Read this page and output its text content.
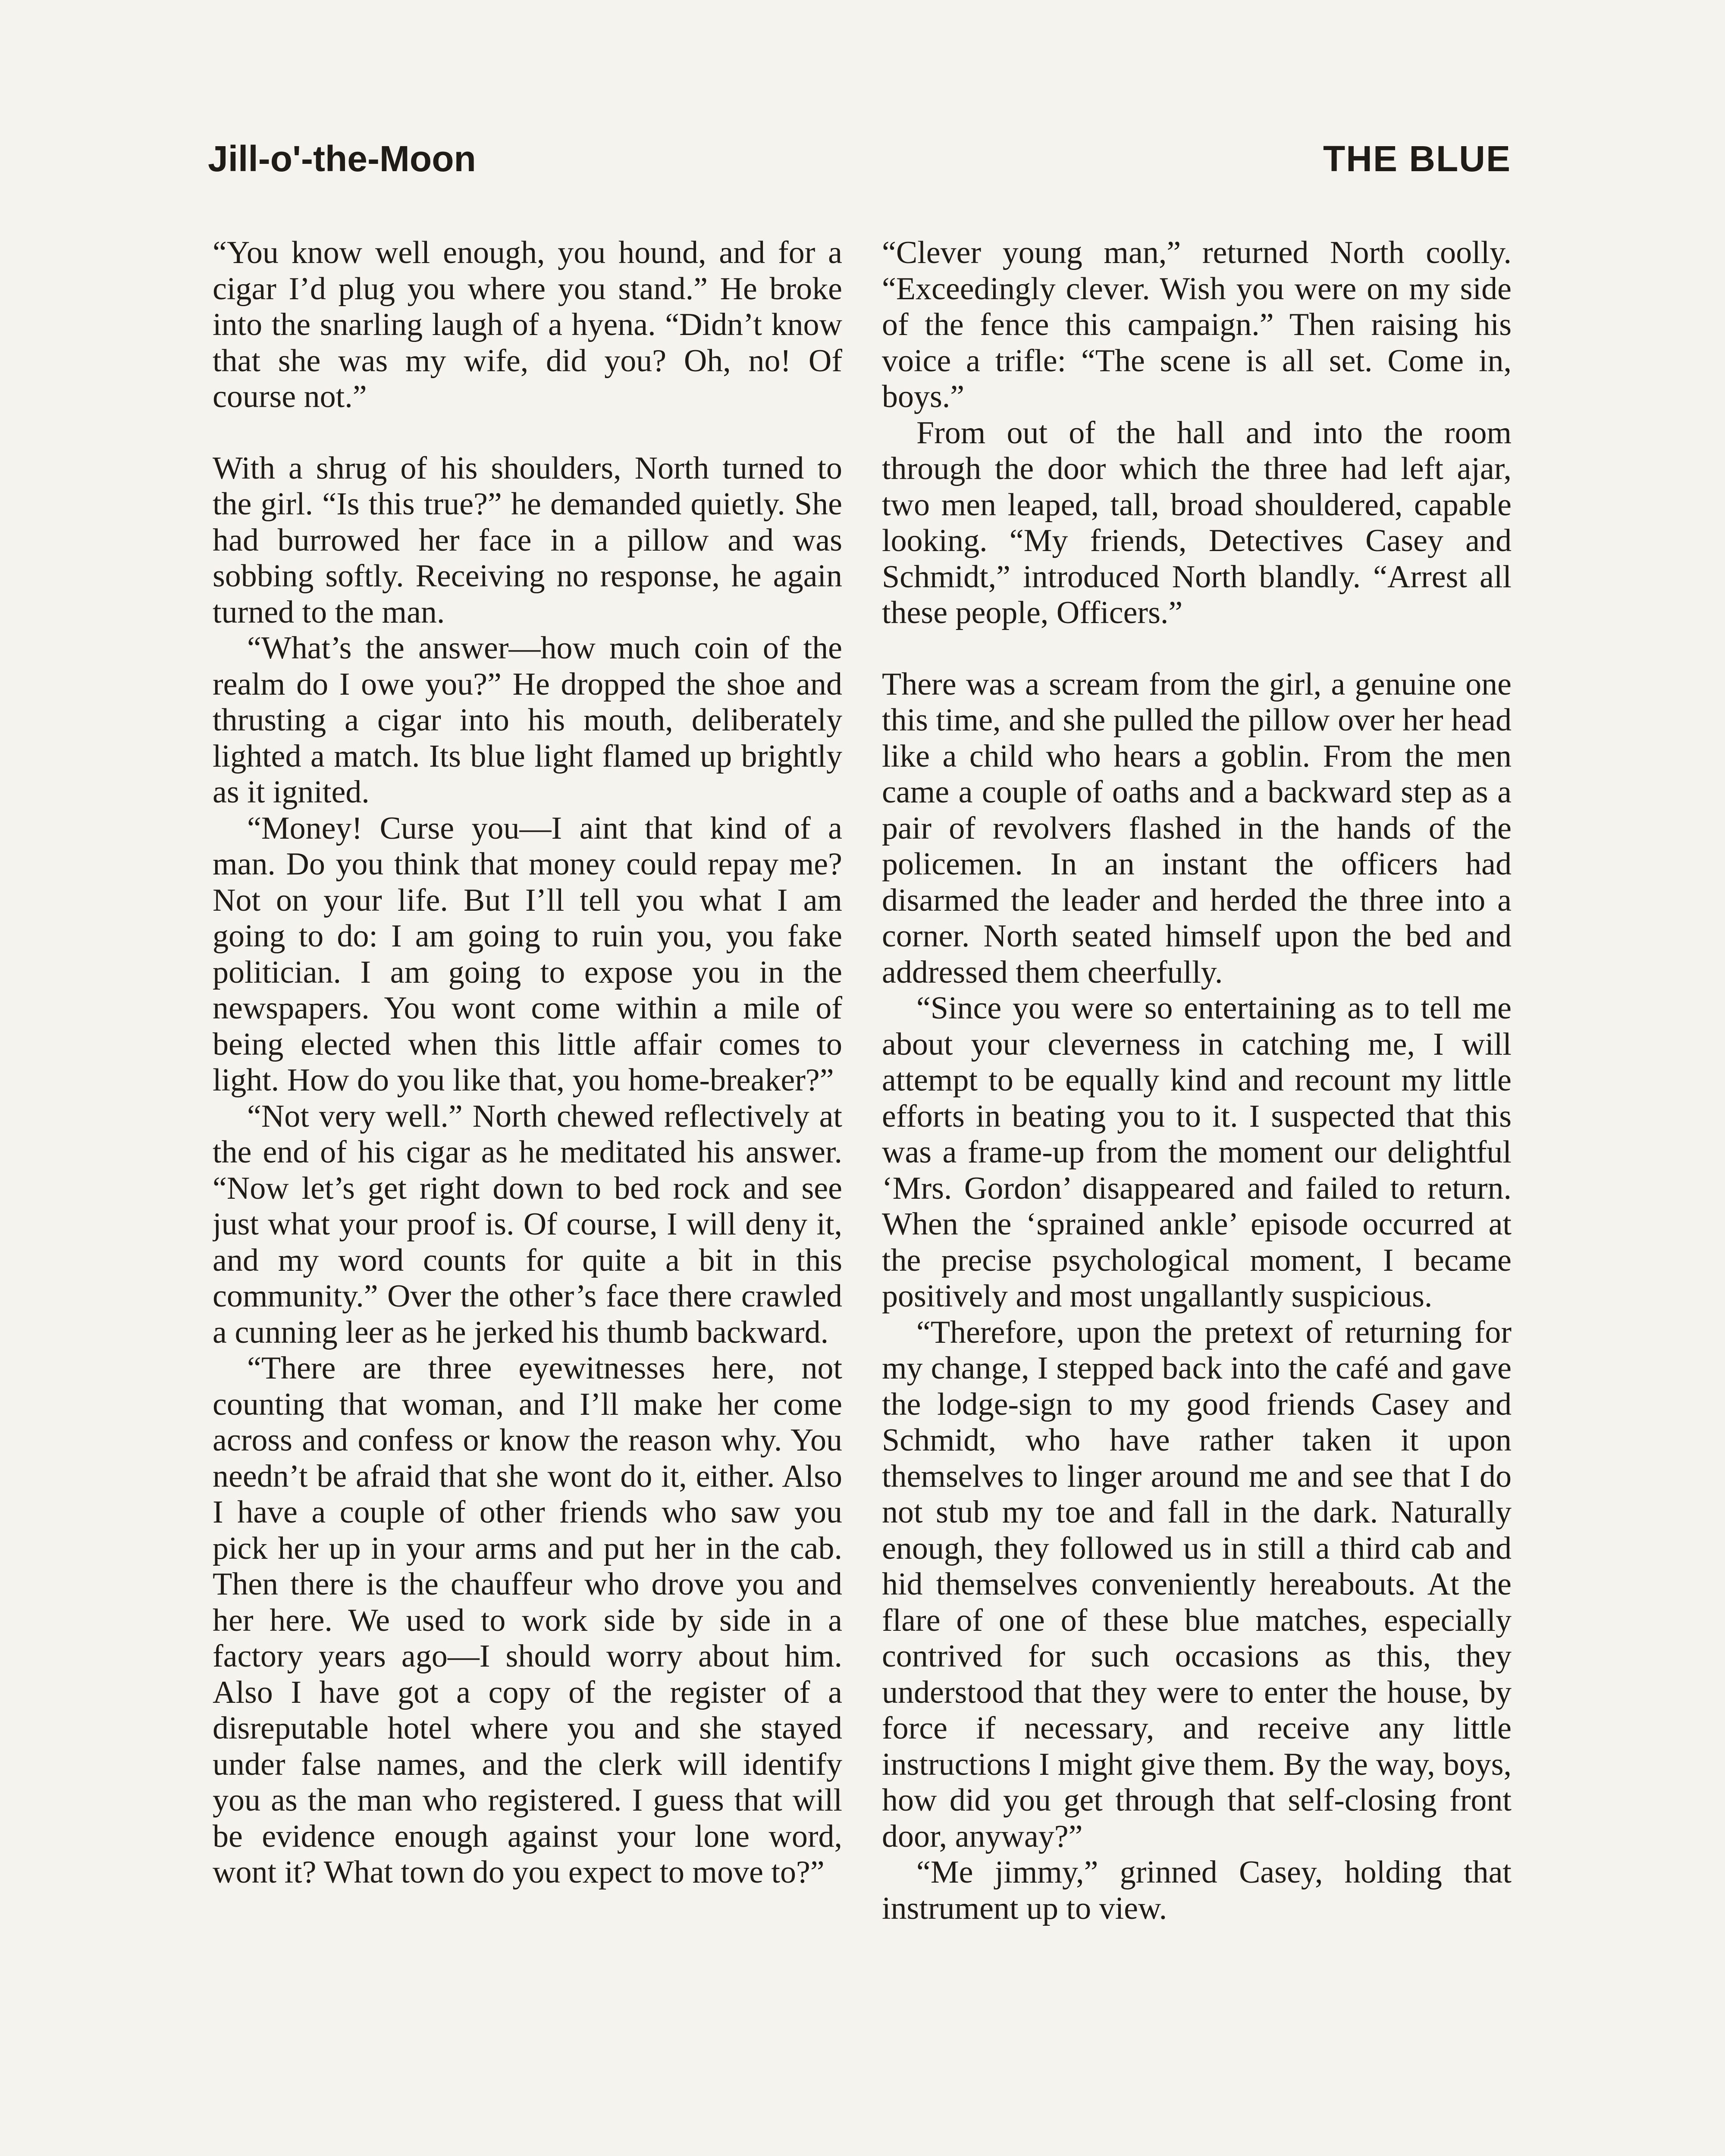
Jill-o'-the-Moon	THE BLUE

“You know well enough, you hound, and for a cigar I’d plug you where you stand.” He broke into the snarling laugh of a hyena. “Didn’t know that she was my wife, did you? Oh, no! Of course not.”

With a shrug of his shoulders, North turned to the girl. “Is this true?” he demanded quietly. She had burrowed her face in a pillow and was sobbing softly. Receiving no response, he again turned to the man.

“What’s the answer—how much coin of the realm do I owe you?” He dropped the shoe and thrusting a cigar into his mouth, deliberately lighted a match. Its blue light flamed up brightly as it ignited.

“Money! Curse you—I aint that kind of a man. Do you think that money could repay me? Not on your life. But I’ll tell you what I am going to do: I am going to ruin you, you fake politician. I am going to expose you in the newspapers. You wont come within a mile of being elected when this little affair comes to light. How do you like that, you home-breaker?”

“Not very well.” North chewed reflectively at the end of his cigar as he meditated his answer. “Now let’s get right down to bed rock and see just what your proof is. Of course, I will deny it, and my word counts for quite a bit in this community.” Over the other’s face there crawled a cunning leer as he jerked his thumb backward.

“There are three eyewitnesses here, not counting that woman, and I’ll make her come across and confess or know the reason why. You needn’t be afraid that she wont do it, either. Also I have a couple of other friends who saw you pick her up in your arms and put her in the cab. Then there is the chauffeur who drove you and her here. We used to work side by side in a factory years ago—I should worry about him. Also I have got a copy of the register of a disreputable hotel where you and she stayed under false names, and the clerk will identify you as the man who registered. I guess that will be evidence enough against your lone word, wont it? What town do you expect to move to?”

“Clever young man,” returned North coolly. “Exceedingly clever. Wish you were on my side of the fence this campaign.” Then raising his voice a trifle: “The scene is all set. Come in, boys.”

From out of the hall and into the room through the door which the three had left ajar, two men leaped, tall, broad shouldered, capable looking. “My friends, Detectives Casey and Schmidt,” introduced North blandly. “Arrest all these people, Officers.”

There was a scream from the girl, a genuine one this time, and she pulled the pillow over her head like a child who hears a goblin. From the men came a couple of oaths and a backward step as a pair of revolvers flashed in the hands of the policemen. In an instant the officers had disarmed the leader and herded the three into a corner. North seated himself upon the bed and addressed them cheerfully.

“Since you were so entertaining as to tell me about your cleverness in catching me, I will attempt to be equally kind and recount my little efforts in beating you to it. I suspected that this was a frame-up from the moment our delightful ‘Mrs. Gordon’ disappeared and failed to return. When the ‘sprained ankle’ episode occurred at the precise psychological moment, I became positively and most ungallantly suspicious.

“Therefore, upon the pretext of returning for my change, I stepped back into the café and gave the lodge-sign to my good friends Casey and Schmidt, who have rather taken it upon themselves to linger around me and see that I do not stub my toe and fall in the dark. Naturally enough, they followed us in still a third cab and hid themselves conveniently hereabouts. At the flare of one of these blue matches, especially contrived for such occasions as this, they understood that they were to enter the house, by force if necessary, and receive any little instructions I might give them. By the way, boys, how did you get through that self-closing front door, anyway?”

“Me jimmy,” grinned Casey, holding that instrument up to view.
